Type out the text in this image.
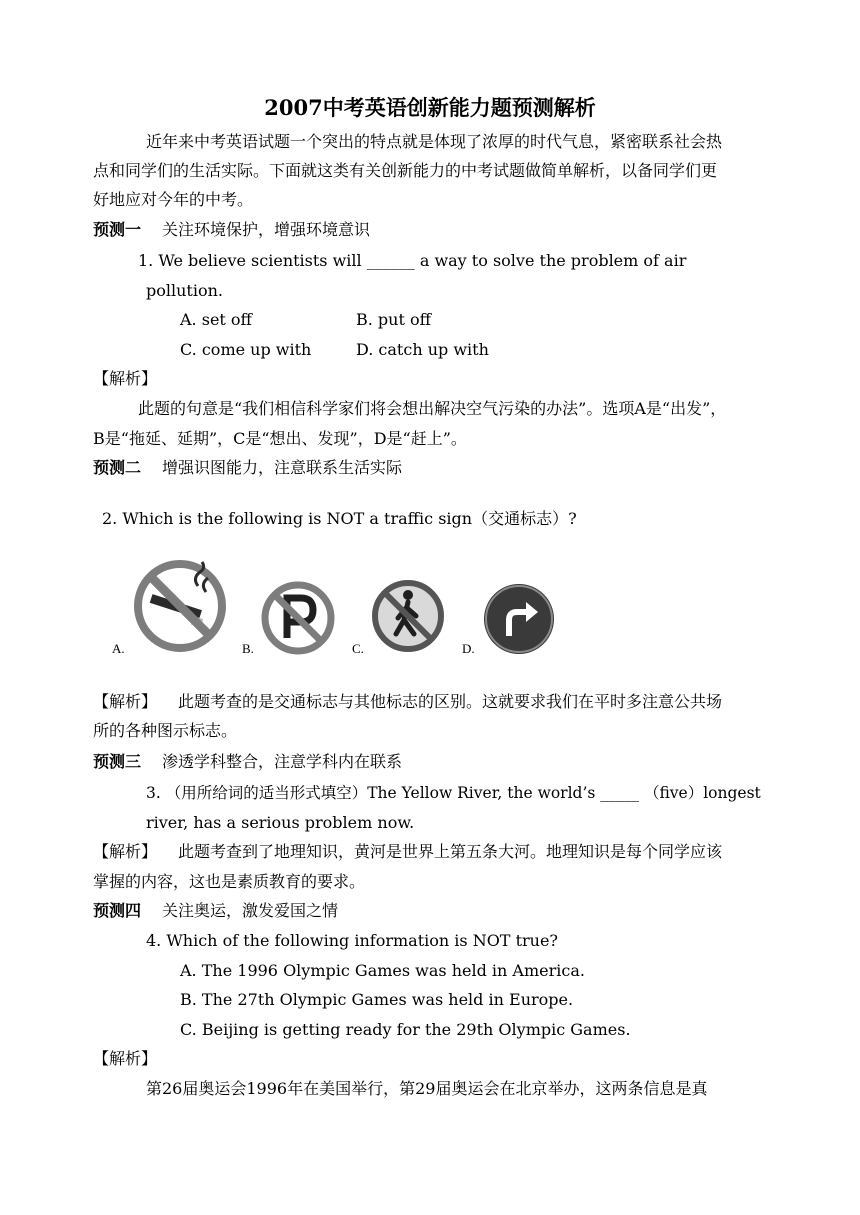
2007中考英语创新能力题预测解析
近年来中考英语试题一个突出的特点就是体现了浓厚的时代气息，紧密联系社会热
点和同学们的生活实际。下面就这类有关创新能力的中考试题做简单解析，以备同学们更
好地应对今年的中考。
预测一 关注环境保护，增强环境意识
1. We believe scientists will ______ a way to solve the problem of air
pollution.
A. set off	B. put off
C. come up with	D. catch up with
【解析】
此题的句意是“我们相信科学家们将会想出解决空气污染的办法”。选项A是“出发”，
B是“拖延、延期”，C是“想出、发现”，D是“赶上”。
预测二 增强识图能力，注意联系生活实际
2. Which is the following is NOT a traffic sign（交通标志）?
A.	B.	C.	D.
【解析】 此题考查的是交通标志与其他标志的区别。这就要求我们在平时多注意公共场
所的各种图示标志。
预测三 渗透学科整合，注意学科内在联系
3. （用所给词的适当形式填空）The Yellow River, the world’s _____ （five）longest
river, has a serious problem now.
【解析】 此题考查到了地理知识，黄河是世界上第五条大河。地理知识是每个同学应该
掌握的内容，这也是素质教育的要求。
预测四 关注奥运，激发爱国之情
4. Which of the following information is NOT true?
A. The 1996 Olympic Games was held in America.
B. The 27th Olympic Games was held in Europe.
C. Beijing is getting ready for the 29th Olympic Games.
【解析】
第26届奥运会1996年在美国举行，第29届奥运会在北京举办，这两条信息是真
